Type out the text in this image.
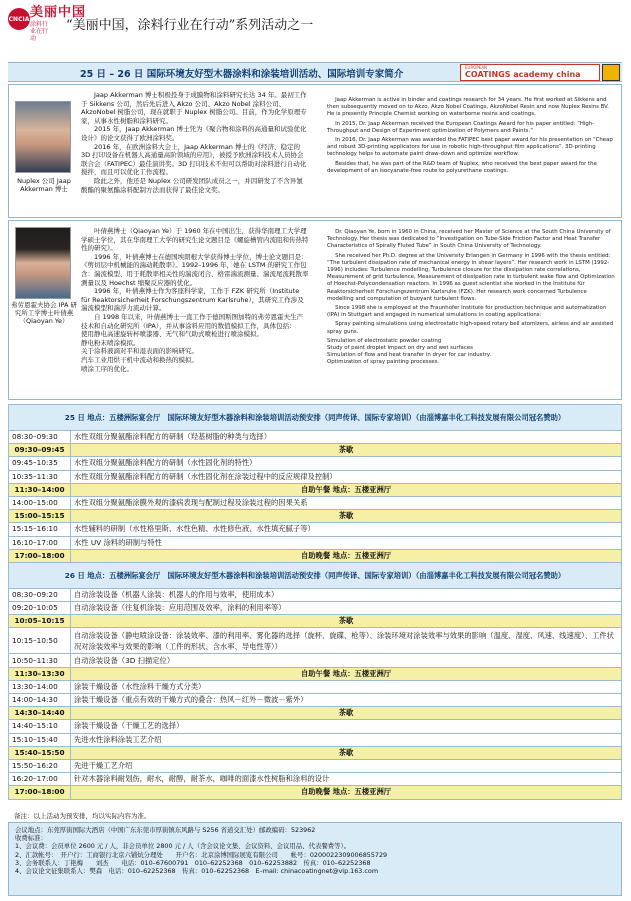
CNCIA 美丽中国
涂料行业在行动
“美丽中国，涂料行业在行动”系列活动之一
25 日 – 26 日 国际环境友好型木器涂料和涂装培训活动、国际培训专家简介
EUROPEAN
COATINGS academy china
Nuplex 公司 Jaap Akkerman 博士

Jaap Akkerman 博士积极投身于成膜物和涂料研究长达 34 年。最初工作于 Sikkens 公司，然后先后进入 Akzo 公司、Akzo Nobel 涂料公司、AkzoNobel 树脂公司，现在就职于 Nuplex 树脂公司。目前，作为化学原理专家，从事水性树脂和涂料研究。

2015 年，Jaap Akkerman 博士凭为《聚合物和涂料的高通量和试验优化设计》的论文获得了欧洲涂料奖。

2016 年，在欧洲涂料大会上，Jaap Akkerman 博士的《经济、稳定的 3D 打印设备在机器人高通量高阶领域的应用》，被授予欧洲涂料技术人员协会联合会（FATIPEC）最佳演讲奖。3D 打印技术不但可以帮助对涂料进行自动化搅拌，而且可以优化工作流程。

除此之外，他还是 Nuplex 公司研发团队成员之一，并因研发了不含异氰酸酯的聚氨酯涂料配制方法而获得了最佳论文奖。

Jaap Akkerman is active in binder and coatings research for 34 years. He first worked at Sikkens and then subsequently moved on to Akzo, Akzo Nobel Coatings, AkzoNobel Resin and now Nuplex Resins BV. He is presently Principle Chemist working on waterborne resins and coatings.

In 2015, Dr. Jaap Akkerman received the European Coatings Award for his paper entitled: “High-Throughput and Design of Experiment optimization of Polymers and Paints.”

In 2016, Dr. Jaap Akkerman was awarded the FATIPEC best paper award for his presentation on “Cheap and robust 3D-printing applicators for use in robotic high-throughput film applications”. 3D-printing technology helps to automate paint draw-down and optimize workflow.

Besides that, he was part of the R&D team of Nuplex, who received the best paper award for the development of an isocyanate-free route to polyurethane coatings.

弗劳恩霍夫协会 IPA 研究所工学博士叶倩燕（Qiaoyan Ye）

叶倩燕博士（Qiaoyan Ye）于 1960 年在中国出生，获得华南理工大学理学硕士学位，其在华南理工大学的研究生论文题目是《螺旋槽管内流阻和传热特性的研究》。

1996 年，叶倩燕博士在德国埃朗根大学获得博士学位，博士论文题目是：《剪切层中机械能的湍动耗散率》。1992–1996 年，她在 LSTM 的研究工作包含：湍流模型、用于耗散率相关性的湍流闭合、格雷湍流测量、湍流尾流耗散率测量以及 Hoechst 缩聚反应器的优化。

1996 年，叶倩燕博士作为客座科学家，工作于 FZK 研究所（Institute für Reaktorsicherheit Forschungszentrum Karlsruhe），其研究工作涉及湍流模型和湍浮力流动计算。

自 1998 年以来，叶倩燕博士一直工作于德国斯图加特的弗劳恩霍夫生产技术和自动化研究所（IPA），并从事涂料应用的数值模拟工作，具体包括：

使用静电高速旋转杯喷漆器、无气和气助式喷枪进行喷涂模拟。
静电粉末喷涂模拟。
关于涂料液滴对平和湿表面的影响研究。
汽车工业用烘干机中流动和换热的模拟。
喷涂工序的优化。

Dr. Qiaoyan Ye, born in 1960 in China, received her Master of Science at the South China University of Technology. Her thesis was dedicated to “Investigation on Tube-Side Friction Factor and Heat Transfer Characteristics of Spirally Fluted Tube” in South China University of Technology.

She received her Ph.D. degree at the University Erlangen in Germany in 1996 with the thesis entitled: “The turbulent dissipation rate of mechanical energy in shear layers”. Her research work in LSTM (1992-1996) includes: Turbulence modelling, Turbulence closure for the dissipation rate correlations, Measurement of grid turbulence, Measurement of dissipation rate in turbulent wake flow and Optimization of Hoechst-Polycondensation reactors. In 1996 as guest scientist she worked in the Institute für Reaktorsicherheit Forschungszentrum Karlsruhe (FZK). Her research work concerned Turbulence modelling and computation of buoyant turbulent flows.

Since 1998 she is employed at the Fraunhofer Institute for production technique and automatization (IPA) in Stuttgart and engaged in numerical simulations in coating applications:

Spray painting simulations using electrostatic high-speed rotary bell atomizers, airless and air assisted spray guns.

Simulation of electrostatic powder coating
Study of paint droplet impact on dry and wet surfaces
Simulation of flow and heat transfer in dryer for car industry.
Optimization of spray painting processes.
25 日 地点：五楼洲际宴会厅　国际环境友好型木器涂料和涂装培训活动预安排（同声传译、国际专家培训）（由淄博嘉丰化工科技发展有限公司冠名赞助）	
08:30–09:30	水性双组分聚氨酯涂料配方的研制（羟基树脂的种类与选择）
09:30–09:45	茶歇
09:45–10:35	水性双组分聚氨酯涂料配方的研制（水性固化剂的特性）
10:35–11:30	水性双组分聚氨酯涂料配方的研制（水性固化剂在涂装过程中的反应规律及控制）
11:30–14:00	自助午餐 地点：五楼亚洲厅
14:00–15:00	水性双组分聚氨酯涂膜外观的漆病表现与配制过程及涂装过程的因果关系
15:00–15:15	茶歇
15:15–16:10	水性辅料的研制（水性格里斯、水性色精、水性修色液、水性填充腻子等）
16:10–17:00	水性 UV 涂料的研制与特性
17:00–18:00	自助晚餐 地点：五楼亚洲厅
26 日 地点：五楼洲际宴会厅　国际环境友好型木器涂料和涂装培训活动预安排（同声传译、国际专家培训）（由淄博嘉丰化工科技发展有限公司冠名赞助）	
08:30–09:20	自动涂装设备（机器人涂装：机器人的作用与效率，使用成本）
09:20–10:05	自动涂装设备（往复机涂装：应用范围及效率，涂料的利用率等）
10:05–10:15	茶歇
10:15–10:50	自动涂装设备（静电喷涂设备：涂装效率、漆的利用率、雾化器的选择（旋杯、旋碟、枪等）、涂装环境对涂装效率与效果的影响（温度、湿度、风速、线速度）、工件状况对涂装效率与效果的影响（工件的形状、含水率、导电性等））
10:50–11:30	自动涂装设备（3D 扫描定位）
11:30–13:30	自助午餐 地点：五楼亚洲厅
13:30–14:00	涂装干燥设备（水性涂料干燥方式分类）
14:00–14:30	涂装干燥设备（重点有效的干燥方式的叠合：热风－红外－微波－紫外）
14:30–14:40	茶歇
14:40–15:10	涂装干燥设备（干燥工艺的选择）
15:10–15:40	先进水性涂料涂装工艺介绍
15:40–15:50	茶歇
15:50–16:20	先进干燥工艺介绍
16:20–17:00	针对木器涂料耐划伤，耐水，耐醇，耐茶水，咖啡的面漆水性树脂和涂料的设计
17:00–18:00	自助晚餐 地点：五楼亚洲厅
备注：以上活动为预安排，均以实际内容为准。
会议地点：东莞厚街国际大酒店（中国广东东莞市厚街镇东风路与 S256 省道交汇处）邮政编码：523962
收费标准：
1、会议费：会员单位 2600 元 / 人，非会员单位 2800 元 / 人（含会议论文集、会议资料、会议用品、代表餐费等）。
2、汇款帐号：　开户行：工商银行北京六铺炕分理处　　开户名：北京涂博国际展览有限公司　　帐号：0200022309006855729
3、会务联系人：丁艳梅　　刘杰　　电话：010–67600791　010–62252368　010–62253882　传真：010–62252368
4、会议论文征集联系人：樊森　电话：010–62252368　传真：010–62252368　E–mail: chinacoatingnet@vip.163.com
